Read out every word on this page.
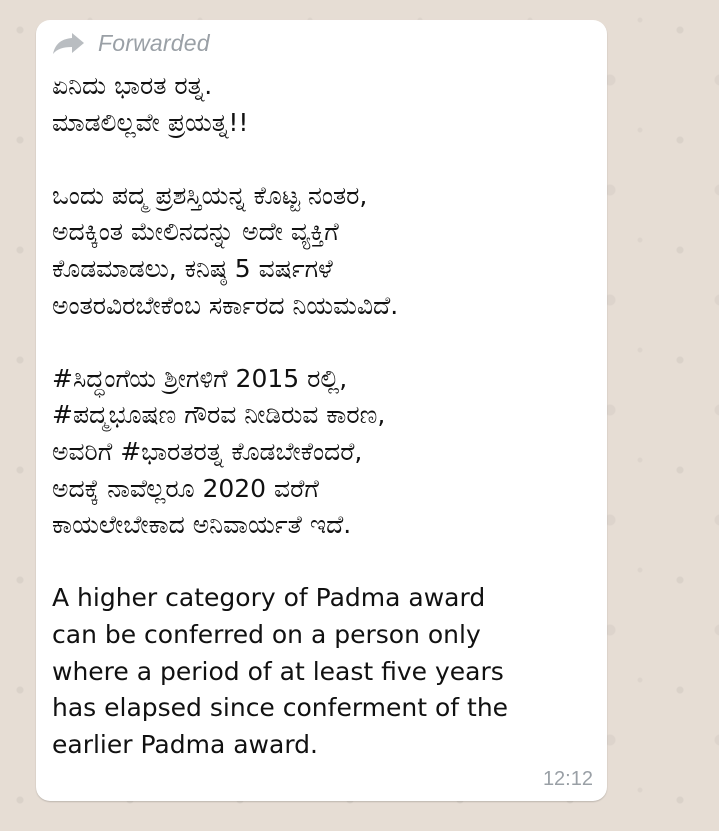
Forwarded
ಏನಿದು ಭಾರತ ರತ್ನ.
ಮಾಡಲಿಲ್ಲವೇ ಪ್ರಯತ್ನ!!
ಒಂದು ಪದ್ಮ ಪ್ರಶಸ್ತಿಯನ್ನ ಕೊಟ್ಟ ನಂತರ,
ಅದಕ್ಕಿಂತ ಮೇಲಿನದನ್ನು ಅದೇ ವ್ಯಕ್ತಿಗೆ
ಕೊಡಮಾಡಲು, ಕನಿಷ್ಠ 5 ವರ್ಷಗಳೆ
ಅಂತರವಿರಬೇಕೆಂಬ ಸರ್ಕಾರದ ನಿಯಮವಿದೆ.
#ಸಿದ್ಧಂಗೆಯ ಶ್ರೀಗಳಿಗೆ 2015 ರಲ್ಲಿ,
#ಪದ್ಮಭೂಷಣ ಗೌರವ ನೀಡಿರುವ ಕಾರಣ,
ಅವರಿಗೆ #ಭಾರತರತ್ನ ಕೊಡಬೇಕೆಂದರೆ,
ಅದಕ್ಕೆ ನಾವೆಲ್ಲರೂ 2020 ವರೆಗೆ
ಕಾಯಲೇಬೇಕಾದ ಅನಿವಾರ್ಯತೆ ಇದೆ.
A higher category of Padma award
can be conferred on a person only
where a period of at least five years
has elapsed since conferment of the
earlier Padma award.
12:12
